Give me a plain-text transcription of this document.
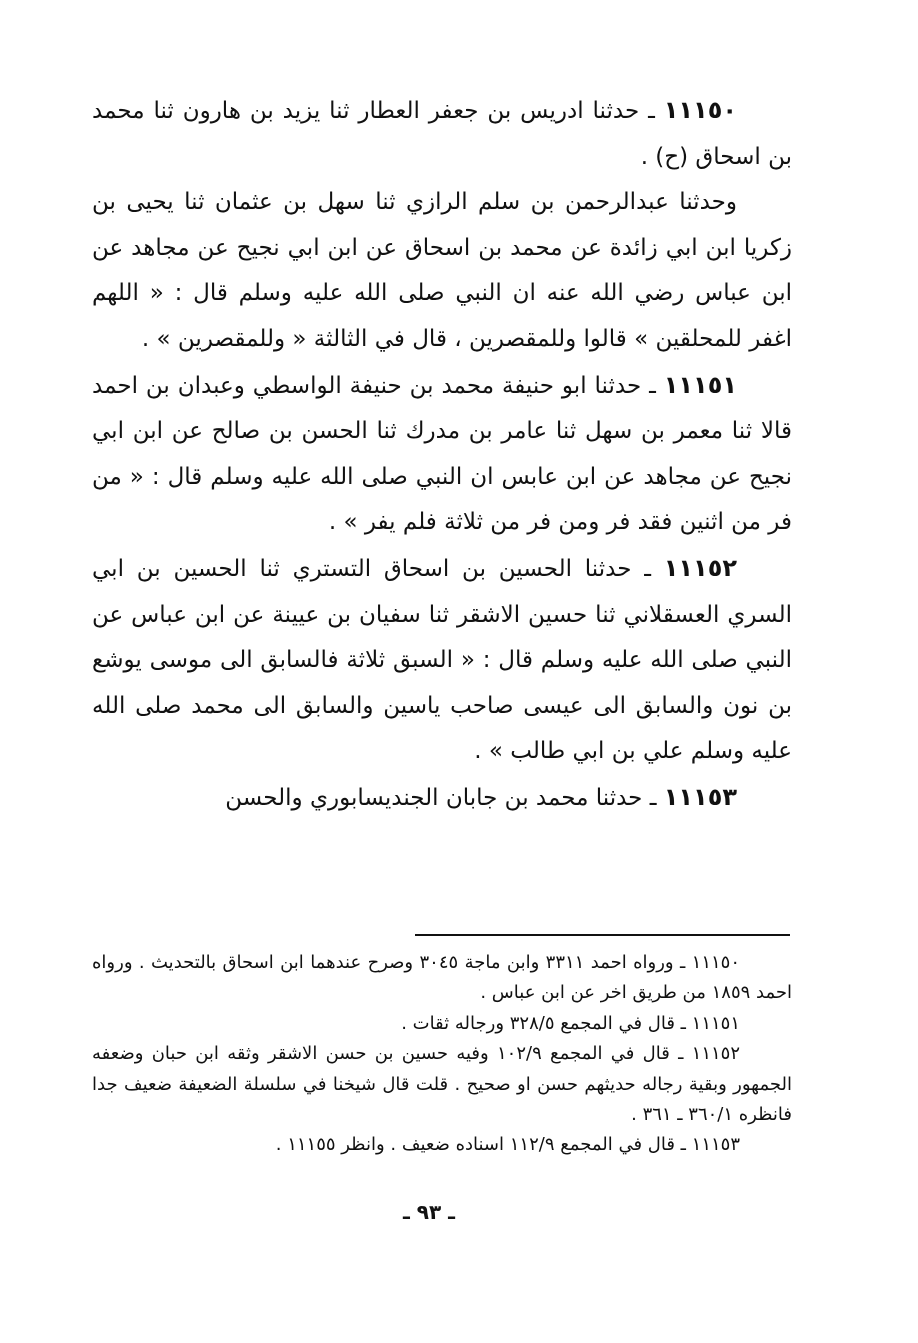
١١١٥٠ ـ حدثنا ادريس بن جعفر العطار ثنا يزيد بن هارون ثنا محمد بن اسحاق (ح) .

وحدثنا عبدالرحمن بن سلم الرازي ثنا سهل بن عثمان ثنا يحيى بن زكريا ابن ابي زائدة عن محمد بن اسحاق عن ابن ابي نجيح عن مجاهد عن ابن عباس رضي الله عنه ان النبي صلى الله عليه وسلم قال : « اللهم اغفر للمحلقين » قالوا وللمقصرين ، قال في الثالثة « وللمقصرين » .

١١١٥١ ـ حدثنا ابو حنيفة محمد بن حنيفة الواسطي وعبدان بن احمد قالا ثنا معمر بن سهل ثنا عامر بن مدرك ثنا الحسن بن صالح عن ابن ابي نجيح عن مجاهد عن ابن عابس ان النبي صلى الله عليه وسلم قال : « من فر من اثنين فقد فر ومن فر من ثلاثة فلم يفر » .

١١١٥٢ ـ حدثنا الحسين بن اسحاق التستري ثنا الحسين بن ابي السري العسقلاني ثنا حسين الاشقر ثنا سفيان بن عيينة عن ابن عباس عن النبي صلى الله عليه وسلم قال : « السبق ثلاثة فالسابق الى موسى يوشع بن نون والسابق الى عيسى صاحب ياسين والسابق الى محمد صلى الله عليه وسلم علي بن ابي طالب » .

١١١٥٣ ـ حدثنا محمد بن جابان الجنديسابوري والحسن

١١١٥٠ ـ ورواه احمد ٣٣١١ وابن ماجة ٣٠٤٥ وصرح عندهما ابن اسحاق بالتحديث . ورواه احمد ١٨٥٩ من طريق اخر عن ابن عباس .

١١١٥١ ـ قال في المجمع ٣٢٨/٥ ورجاله ثقات .

١١١٥٢ ـ قال في المجمع ١٠٢/٩ وفيه حسين بن حسن الاشقر وثقه ابن حبان وضعفه الجمهور وبقية رجاله حديثهم حسن او صحيح . قلت قال شيخنا في سلسلة الضعيفة ضعيف جدا فانظره ٣٦٠/١ ـ ٣٦١ .

١١١٥٣ ـ قال في المجمع ١١٢/٩ اسناده ضعيف . وانظر ١١١٥٥ .

ـ ٩٣ ـ
